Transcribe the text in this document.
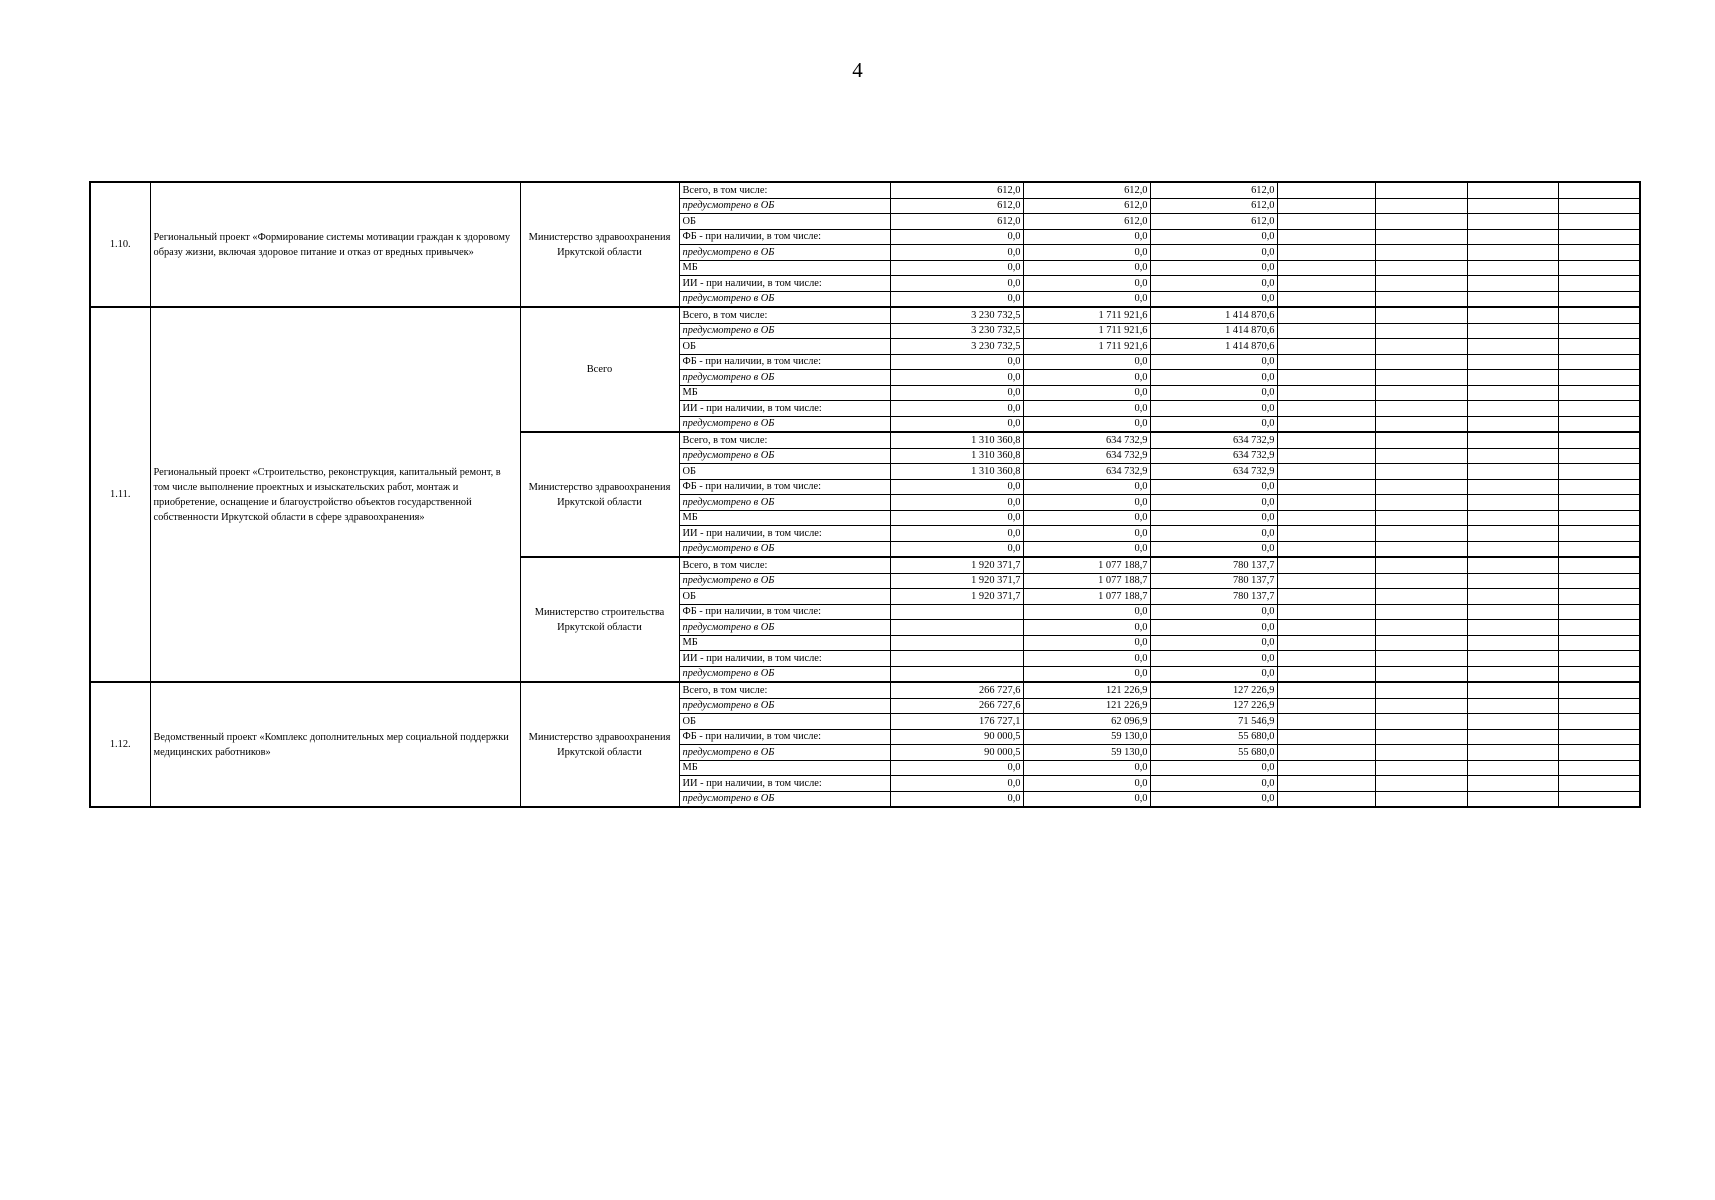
4
1.10.	Региональный проект «Формирование системы мотивации граждан к здоровому образу жизни, включая здоровое питание и отказ от вредных привычек»	Министерство здравоохранения Иркутской области	Всего, в том числе:	612,0	612,0	612,0				
			предусмотрено в ОБ	612,0	612,0	612,0				
			ОБ	612,0	612,0	612,0				
			ФБ - при наличии, в том числе:	0,0	0,0	0,0				
			предусмотрено в ОБ	0,0	0,0	0,0				
			МБ	0,0	0,0	0,0				
			ИИ - при наличии, в том числе:	0,0	0,0	0,0				
			предусмотрено в ОБ	0,0	0,0	0,0				
1.11.	Региональный проект «Строительство, реконструкция, капитальный ремонт, в том числе выполнение проектных и изыскательских работ, монтаж и приобретение, оснащение и благоустройство объектов государственной собственности Иркутской области в сфере здравоохранения»	Всего	Всего, в том числе:	3 230 732,5	1 711 921,6	1 414 870,6				
			предусмотрено в ОБ	3 230 732,5	1 711 921,6	1 414 870,6				
			ОБ	3 230 732,5	1 711 921,6	1 414 870,6				
			ФБ - при наличии, в том числе:	0,0	0,0	0,0				
			предусмотрено в ОБ	0,0	0,0	0,0				
			МБ	0,0	0,0	0,0				
			ИИ - при наличии, в том числе:	0,0	0,0	0,0				
			предусмотрено в ОБ	0,0	0,0	0,0				
		Министерство здравоохранения Иркутской области	Всего, в том числе:	1 310 360,8	634 732,9	634 732,9				
			предусмотрено в ОБ	1 310 360,8	634 732,9	634 732,9				
			ОБ	1 310 360,8	634 732,9	634 732,9				
			ФБ - при наличии, в том числе:	0,0	0,0	0,0				
			предусмотрено в ОБ	0,0	0,0	0,0				
			МБ	0,0	0,0	0,0				
			ИИ - при наличии, в том числе:	0,0	0,0	0,0				
			предусмотрено в ОБ	0,0	0,0	0,0				
		Министерство строительства Иркутской области	Всего, в том числе:	1 920 371,7	1 077 188,7	780 137,7				
			предусмотрено в ОБ	1 920 371,7	1 077 188,7	780 137,7				
			ОБ	1 920 371,7	1 077 188,7	780 137,7				
			ФБ - при наличии, в том числе:		0,0	0,0				
			предусмотрено в ОБ		0,0	0,0				
			МБ		0,0	0,0				
			ИИ - при наличии, в том числе:		0,0	0,0				
			предусмотрено в ОБ		0,0	0,0				
1.12.	Ведомственный проект «Комплекс дополнительных мер социальной поддержки медицинских работников»	Министерство здравоохранения Иркутской области	Всего, в том числе:	266 727,6	121 226,9	127 226,9				
			предусмотрено в ОБ	266 727,6	121 226,9	127 226,9				
			ОБ	176 727,1	62 096,9	71 546,9				
			ФБ - при наличии, в том числе:	90 000,5	59 130,0	55 680,0				
			предусмотрено в ОБ	90 000,5	59 130,0	55 680,0				
			МБ	0,0	0,0	0,0				
			ИИ - при наличии, в том числе:	0,0	0,0	0,0				
			предусмотрено в ОБ	0,0	0,0	0,0				
